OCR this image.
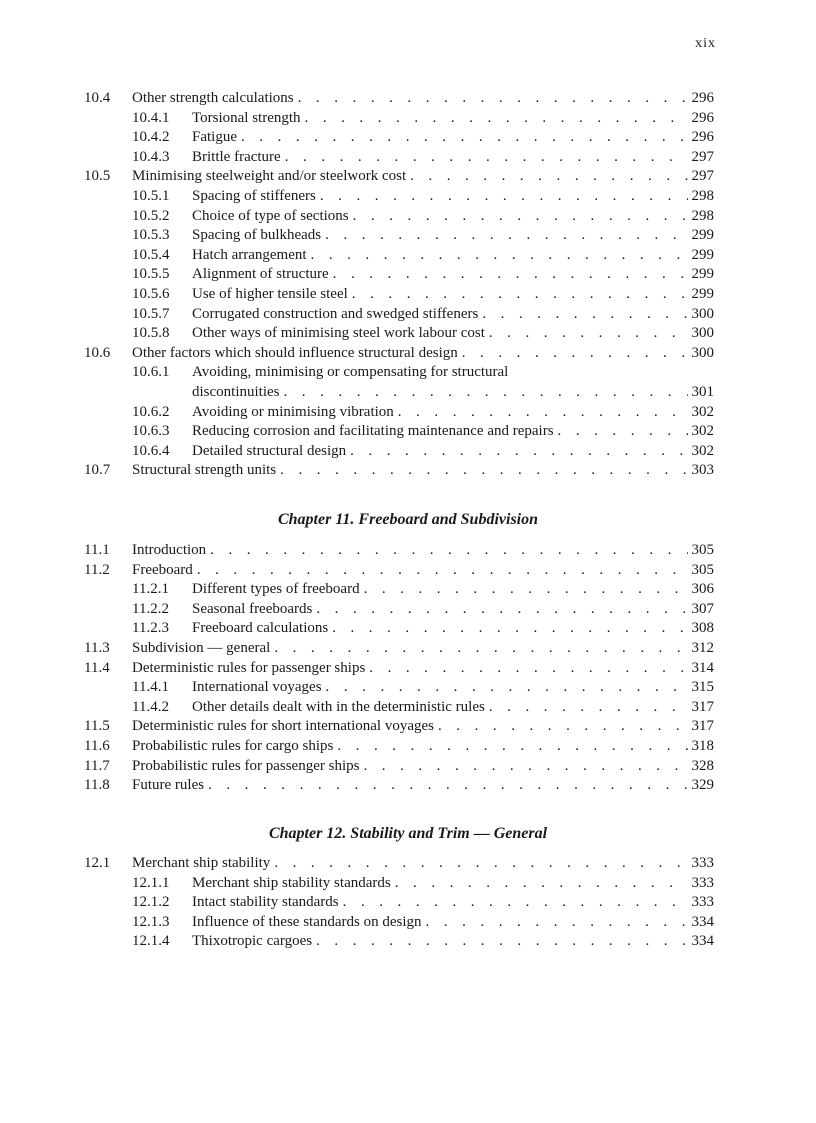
xix
10.4 Other strength calculations . . .	296
10.4.1 Torsional strength . . .	296
10.4.2 Fatigue . . .	296
10.4.3 Brittle fracture . . .	297
10.5 Minimising steelweight and/or steelwork cost . . .	297
10.5.1 Spacing of stiffeners . . .	298
10.5.2 Choice of type of sections . . .	298
10.5.3 Spacing of bulkheads . . .	299
10.5.4 Hatch arrangement . . .	299
10.5.5 Alignment of structure . . .	299
10.5.6 Use of higher tensile steel . . .	299
10.5.7 Corrugated construction and swedged stiffeners . . .	300
10.5.8 Other ways of minimising steel work labour cost . . .	300
10.6 Other factors which should influence structural design . . .	300
10.6.1 Avoiding, minimising or compensating for structural
discontinuities . . .	301
10.6.2 Avoiding or minimising vibration . . .	302
10.6.3 Reducing corrosion and facilitating maintenance and repairs . . .	302
10.6.4 Detailed structural design . . .	302
10.7 Structural strength units . . .	303
Chapter 11. Freeboard and Subdivision
11.1 Introduction . . .	305
11.2 Freeboard . . .	305
11.2.1 Different types of freeboard . . .	306
11.2.2 Seasonal freeboards . . .	307
11.2.3 Freeboard calculations . . .	308
11.3 Subdivision — general . . .	312
11.4 Deterministic rules for passenger ships . . .	314
11.4.1 International voyages . . .	315
11.4.2 Other details dealt with in the deterministic rules . . .	317
11.5 Deterministic rules for short international voyages . . .	317
11.6 Probabilistic rules for cargo ships . . .	318
11.7 Probabilistic rules for passenger ships . . .	328
11.8 Future rules . . .	329
Chapter 12. Stability and Trim — General
12.1 Merchant ship stability . . .	333
12.1.1 Merchant ship stability standards . . .	333
12.1.2 Intact stability standards . . .	333
12.1.3 Influence of these standards on design . . .	334
12.1.4 Thixotropic cargoes . . .	334
